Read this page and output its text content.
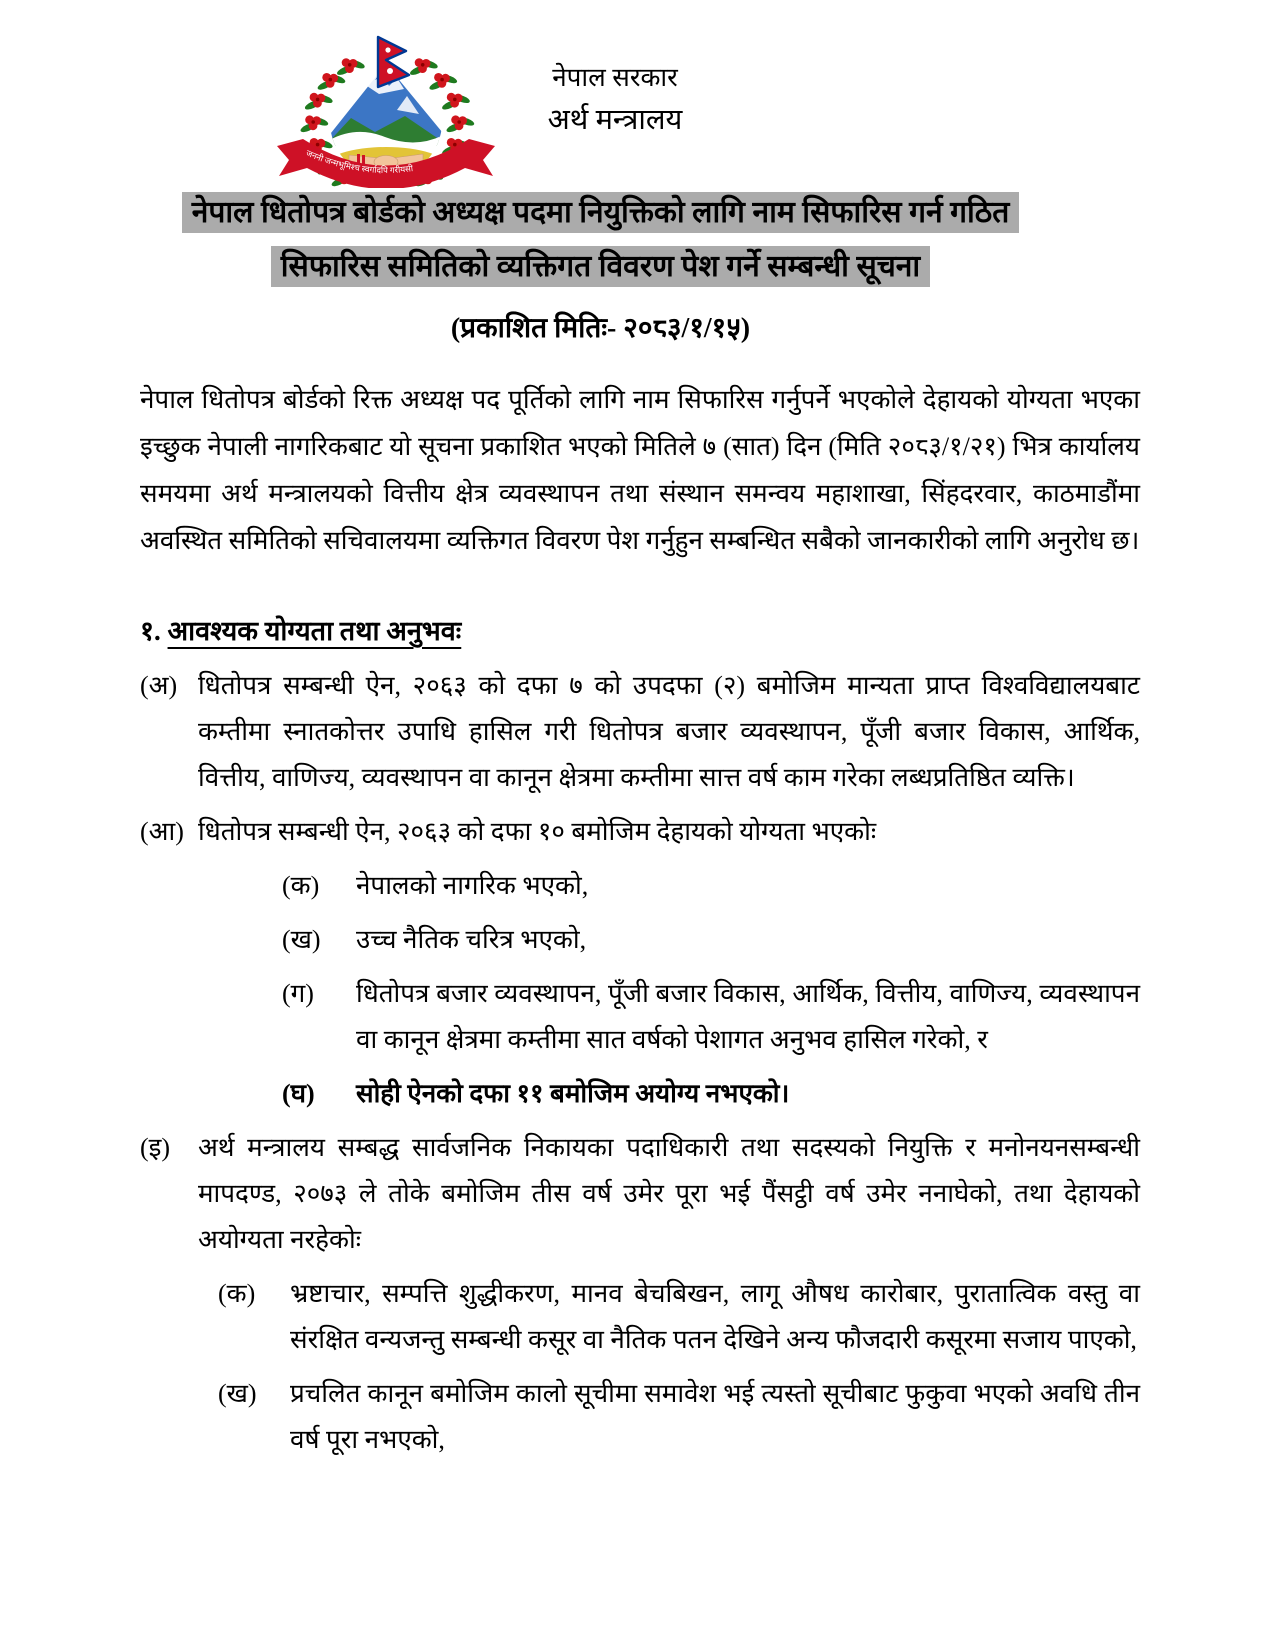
जननी जन्मभूमिश्च स्वर्गादपि गरीयसी
नेपाल सरकार
अर्थ मन्त्रालय
नेपाल धितोपत्र बोर्डको अध्यक्ष पदमा नियुक्तिको लागि नाम सिफारिस गर्न गठित
सिफारिस समितिको व्यक्तिगत विवरण पेश गर्ने सम्बन्धी सूचना
(प्रकाशित मितिः- २०८३/१/१५)

नेपाल धितोपत्र बोर्डको रिक्त अध्यक्ष पद पूर्तिको लागि नाम सिफारिस गर्नुपर्ने भएकोले देहायको योग्यता भएका इच्छुक नेपाली नागरिकबाट यो सूचना प्रकाशित भएको मितिले ७ (सात) दिन (मिति २०८३/१/२१) भित्र कार्यालय समयमा अर्थ मन्त्रालयको वित्तीय क्षेत्र व्यवस्थापन तथा संस्थान समन्वय महाशाखा, सिंहदरवार, काठमाडौंमा अवस्थित समितिको सचिवालयमा व्यक्तिगत विवरण पेश गर्नुहुन सम्बन्धित सबैको जानकारीको लागि अनुरोध छ।

१. आवश्यक योग्यता तथा अनुभवः
(अ) धितोपत्र सम्बन्धी ऐन, २०६३ को दफा ७ को उपदफा (२) बमोजिम मान्यता प्राप्त विश्वविद्यालयबाट कम्तीमा स्नातकोत्तर उपाधि हासिल गरी धितोपत्र बजार व्यवस्थापन, पूँजी बजार विकास, आर्थिक, वित्तीय, वाणिज्य, व्यवस्थापन वा कानून क्षेत्रमा कम्तीमा सात्त वर्ष काम गरेका लब्धप्रतिष्ठित व्यक्ति।
(आ) धितोपत्र सम्बन्धी ऐन, २०६३ को दफा १० बमोजिम देहायको योग्यता भएकोः
(क)	नेपालको नागरिक भएको,
(ख)	उच्च नैतिक चरित्र भएको,
(ग)	धितोपत्र बजार व्यवस्थापन, पूँजी बजार विकास, आर्थिक, वित्तीय, वाणिज्य, व्यवस्थापन वा कानून क्षेत्रमा कम्तीमा सात वर्षको पेशागत अनुभव हासिल गरेको, र
(घ)	सोही ऐनको दफा ११ बमोजिम अयोग्य नभएको।
(इ)	अर्थ मन्त्रालय सम्बद्ध सार्वजनिक निकायका पदाधिकारी तथा सदस्यको नियुक्ति र मनोनयनसम्बन्धी मापदण्ड, २०७३ ले तोके बमोजिम तीस वर्ष उमेर पूरा भई पैंसट्ठी वर्ष उमेर ननाघेको, तथा देहायको अयोग्यता नरहेकोः
(क)	भ्रष्टाचार, सम्पत्ति शुद्धीकरण, मानव बेचबिखन, लागू औषध कारोबार, पुरातात्विक वस्तु वा संरक्षित वन्यजन्तु सम्बन्धी कसूर वा नैतिक पतन देखिने अन्य फौजदारी कसूरमा सजाय पाएको,
(ख)	प्रचलित कानून बमोजिम कालो सूचीमा समावेश भई त्यस्तो सूचीबाट फुकुवा भएको अवधि तीन वर्ष पूरा नभएको,
